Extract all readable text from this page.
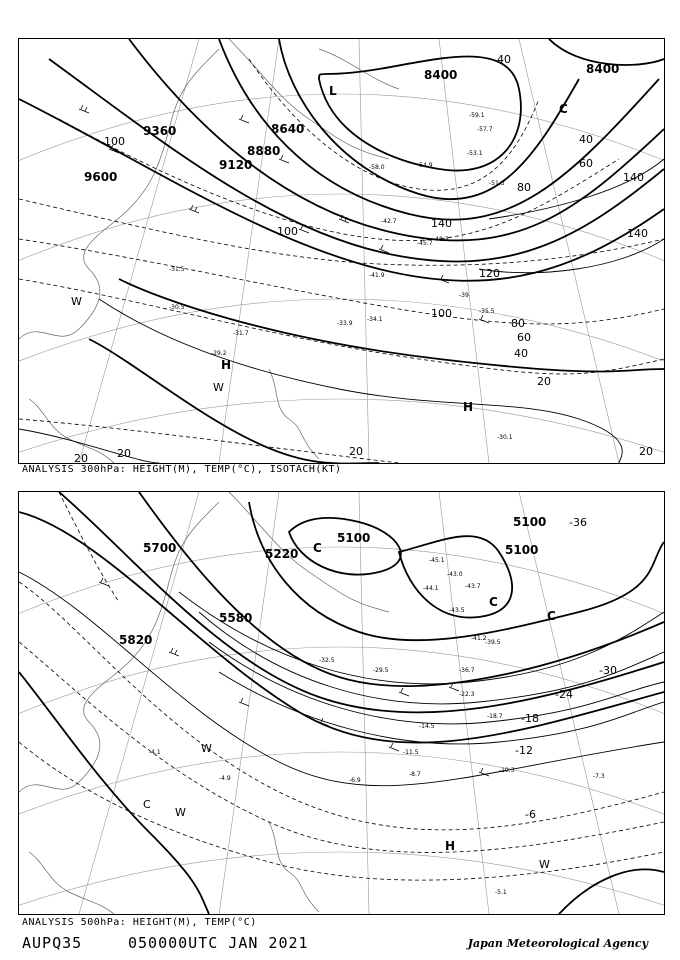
8400	8400
8640
8880
9120
9360
9600
20	20	20
20
20
40
40
40
60
60
80
80
100
100
100
120
140
140
140
-59.1
-57.7
-58.0	-54.9
-53.1
-51.3
-48.3
-45.7
-42.7
-41.9
-39
-35.5
-34.1
-33.9
-31.7
-31.5
-30.5
-29.2
-30.1
L
C
H
H
W
W
ANALYSIS 300hPa: HEIGHT(M), TEMP(°C), ISOTACH(KT)
5100
5100
5100
5220
5580
5700
5820
-36
-30
-24
-18
-12
-6
-45.1
-43.0
-44.1	-43.7
-43.5
-41.2
-39.5
-36.7
-32.5
-29.5
-22.3
-18.7
-14.5
-11.5
-10.3
-8.7	-7.3
-6.9
-5.1
-4.9
-4.1
C
C
C
C
H
W
W
W
ANALYSIS 500hPa: HEIGHT(M), TEMP(°C)
AUPQ35	050000UTC JAN 2021	Japan Meteorological Agency
